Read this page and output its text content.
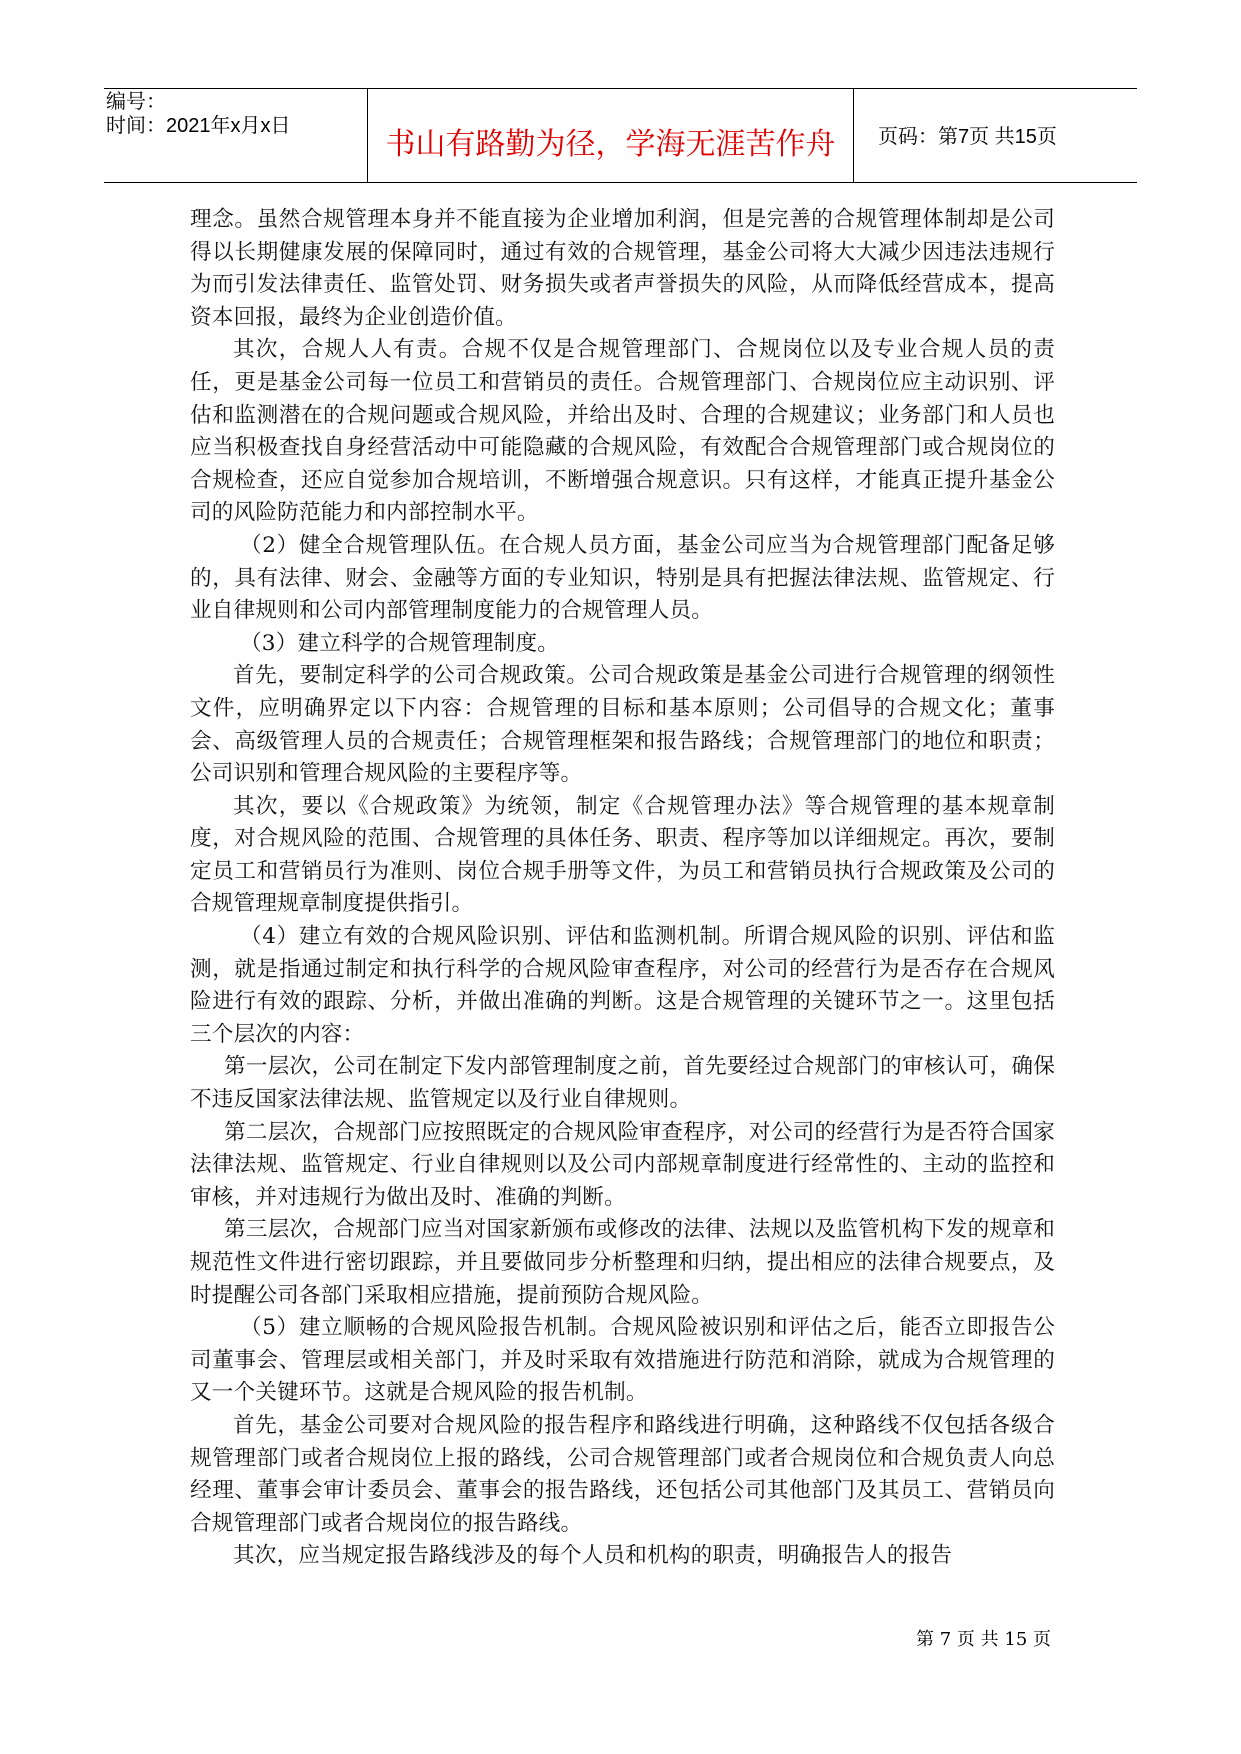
编号：
时间：2021年x月x日
书山有路勤为径，学海无涯苦作舟	页码：第7页 共15页

理念。虽然合规管理本身并不能直接为企业增加利润，但是完善的合规管理体制却是公司得以长期健康发展的保障同时，通过有效的合规管理，基金公司将大大减少因违法违规行为而引发法律责任、监管处罚、财务损失或者声誉损失的风险，从而降低经营成本，提高资本回报，最终为企业创造价值。

其次，合规人人有责。合规不仅是合规管理部门、合规岗位以及专业合规人员的责任，更是基金公司每一位员工和营销员的责任。合规管理部门、合规岗位应主动识别、评估和监测潜在的合规问题或合规风险，并给出及时、合理的合规建议；业务部门和人员也应当积极查找自身经营活动中可能隐藏的合规风险，有效配合合规管理部门或合规岗位的合规检查，还应自觉参加合规培训，不断增强合规意识。只有这样，才能真正提升基金公司的风险防范能力和内部控制水平。

（2）健全合规管理队伍。在合规人员方面，基金公司应当为合规管理部门配备足够的，具有法律、财会、金融等方面的专业知识，特别是具有把握法律法规、监管规定、行业自律规则和公司内部管理制度能力的合规管理人员。

（3）建立科学的合规管理制度。

首先，要制定科学的公司合规政策。公司合规政策是基金公司进行合规管理的纲领性文件，应明确界定以下内容：合规管理的目标和基本原则；公司倡导的合规文化；董事会、高级管理人员的合规责任；合规管理框架和报告路线；合规管理部门的地位和职责；公司识别和管理合规风险的主要程序等。

其次，要以《合规政策》为统领，制定《合规管理办法》等合规管理的基本规章制度，对合规风险的范围、合规管理的具体任务、职责、程序等加以详细规定。再次，要制定员工和营销员行为准则、岗位合规手册等文件，为员工和营销员执行合规政策及公司的合规管理规章制度提供指引。

（4）建立有效的合规风险识别、评估和监测机制。所谓合规风险的识别、评估和监测，就是指通过制定和执行科学的合规风险审查程序，对公司的经营行为是否存在合规风险进行有效的跟踪、分析，并做出准确的判断。这是合规管理的关键环节之一。这里包括三个层次的内容：

第一层次，公司在制定下发内部管理制度之前，首先要经过合规部门的审核认可，确保不违反国家法律法规、监管规定以及行业自律规则。

第二层次，合规部门应按照既定的合规风险审查程序，对公司的经营行为是否符合国家法律法规、监管规定、行业自律规则以及公司内部规章制度进行经常性的、主动的监控和审核，并对违规行为做出及时、准确的判断。

第三层次，合规部门应当对国家新颁布或修改的法律、法规以及监管机构下发的规章和规范性文件进行密切跟踪，并且要做同步分析整理和归纳，提出相应的法律合规要点，及时提醒公司各部门采取相应措施，提前预防合规风险。

（5）建立顺畅的合规风险报告机制。合规风险被识别和评估之后，能否立即报告公司董事会、管理层或相关部门，并及时采取有效措施进行防范和消除，就成为合规管理的又一个关键环节。这就是合规风险的报告机制。

首先，基金公司要对合规风险的报告程序和路线进行明确，这种路线不仅包括各级合规管理部门或者合规岗位上报的路线，公司合规管理部门或者合规岗位和合规负责人向总经理、董事会审计委员会、董事会的报告路线，还包括公司其他部门及其员工、营销员向合规管理部门或者合规岗位的报告路线。

其次，应当规定报告路线涉及的每个人员和机构的职责，明确报告人的报告

第 7 页 共 15 页
